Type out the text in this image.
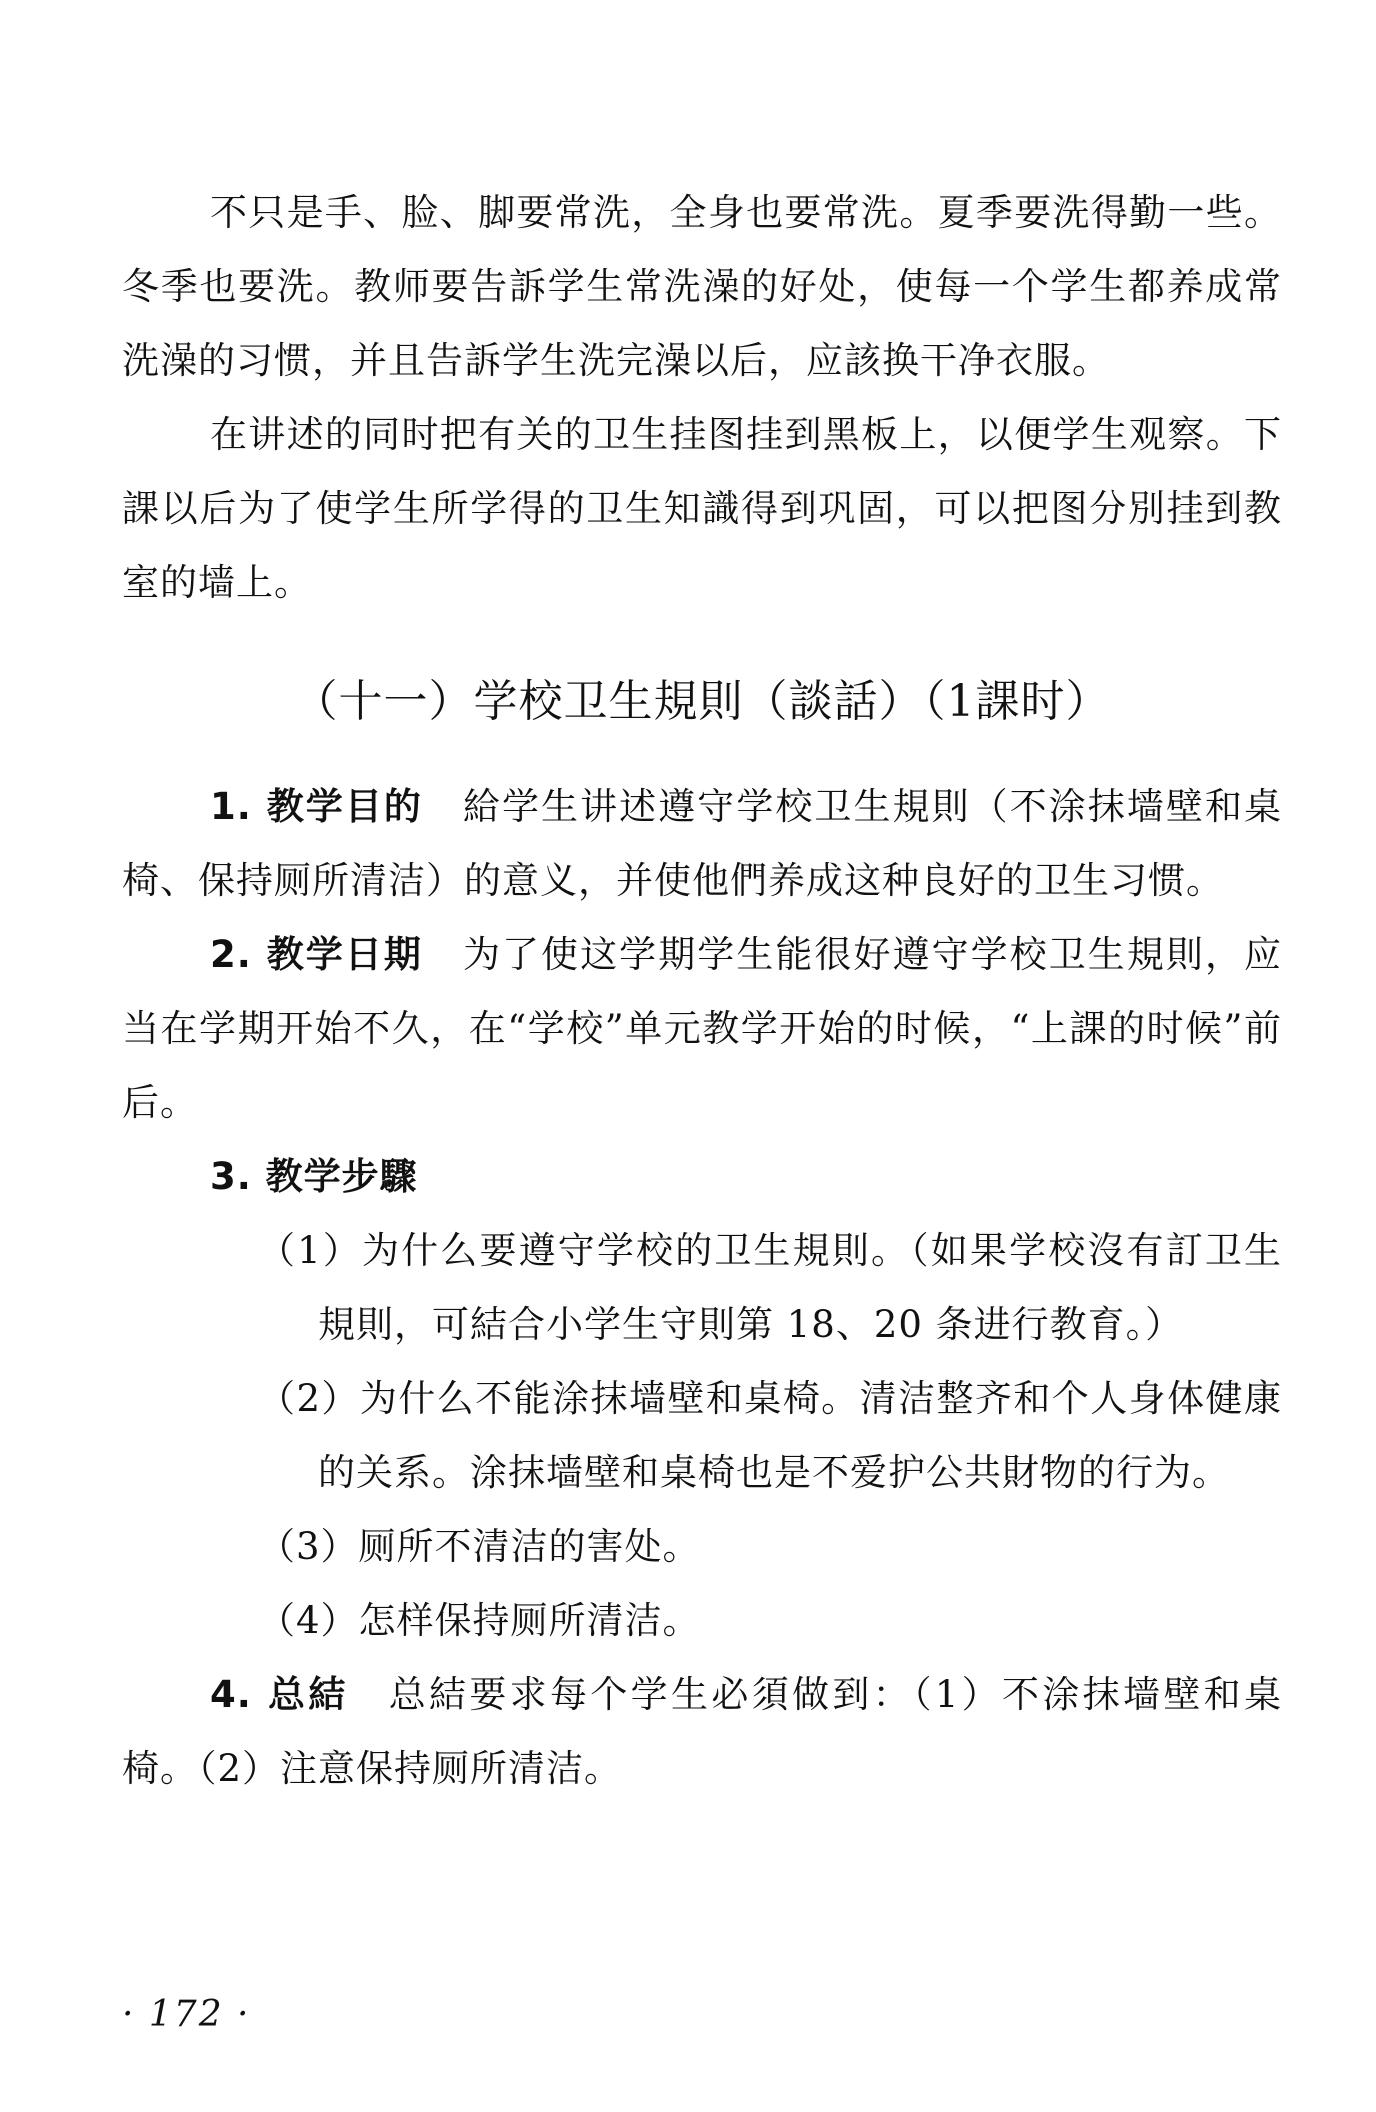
不只是手、脸、脚要常洗，全身也要常洗。夏季要洗得勤一些。冬季也要洗。教师要告訴学生常洗澡的好处，使每一个学生都养成常洗澡的习惯，并且告訴学生洗完澡以后，应該换干净衣服。

在讲述的同时把有关的卫生挂图挂到黑板上，以便学生观察。下課以后为了使学生所学得的卫生知識得到巩固，可以把图分別挂到教室的墙上。

（十一）学校卫生規則（談話）（1課时）

1. 教学目的 給学生讲述遵守学校卫生規則（不涂抹墙壁和桌椅、保持厕所清洁）的意义，并使他們养成这种良好的卫生习惯。

2. 教学日期 为了使这学期学生能很好遵守学校卫生規則，应当在学期开始不久，在“学校”单元教学开始的时候，“上課的时候”前后。

3. 教学步驟

（1）为什么要遵守学校的卫生規則。（如果学校沒有訂卫生規則，可結合小学生守則第 18、20 条进行教育。）

（2）为什么不能涂抹墙壁和桌椅。清洁整齐和个人身体健康的关系。涂抹墙壁和桌椅也是不爱护公共財物的行为。

（3）厕所不清洁的害处。

（4）怎样保持厕所清洁。

4. 总結 总結要求每个学生必須做到：（1）不涂抹墙壁和桌椅。（2）注意保持厕所清洁。

· 172 ·
